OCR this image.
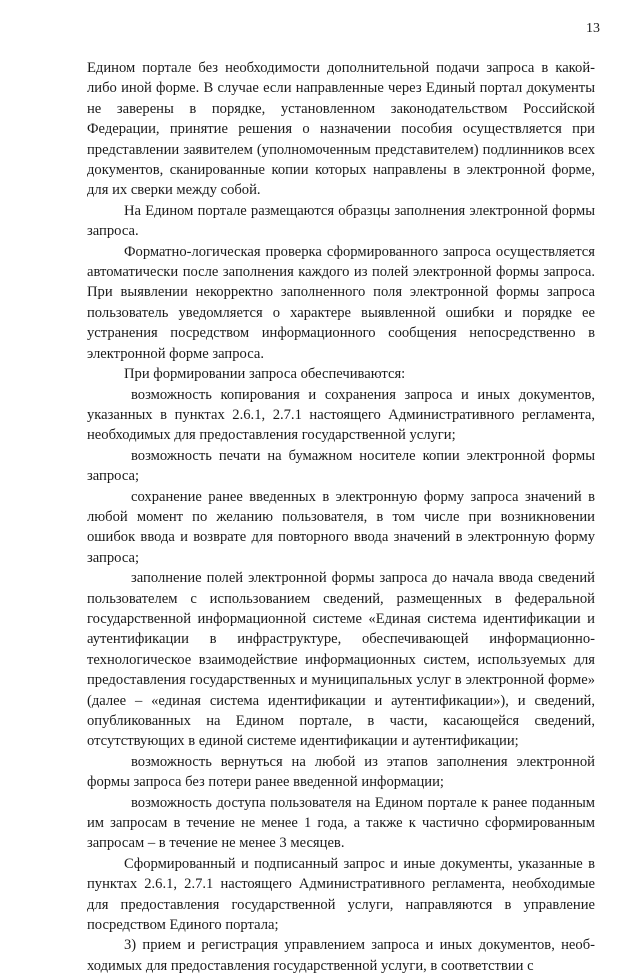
13

Едином портале без необходимости дополнительной подачи запроса в какой-либо иной форме. В случае если направленные через Единый портал документы не заверены в порядке, установленном законодательством Российской Федерации, принятие решения о назначении пособия осуществляется при представлении заявителем (уполномоченным представителем) подлинников всех документов, сканированные копии которых направлены в электронной форме, для их сверки между собой.

На Едином портале размещаются образцы заполнения электронной формы запроса.

Форматно-логическая проверка сформированного запроса осуществляется автоматически после заполнения каждого из полей электронной формы запроса. При выявлении некорректно заполненного поля электронной формы запроса пользователь уведомляется о характере выявленной ошибки и порядке ее устранения посредством информационного сообщения непосредственно в электронной форме запроса.

При формировании запроса обеспечиваются:

возможность копирования и сохранения запроса и иных документов, указанных в пунктах 2.6.1, 2.7.1 настоящего Административного регламента, необходимых для предоставления государственной услуги;

возможность печати на бумажном носителе копии электронной формы запроса;

сохранение ранее введенных в электронную форму запроса значений в любой момент по желанию пользователя, в том числе при возникновении ошибок ввода и возврате для повторного ввода значений в электронную форму запроса;

заполнение полей электронной формы запроса до начала ввода сведений пользователем с использованием сведений, размещенных в федеральной государственной информационной системе «Единая система идентификации и аутентификации в инфраструктуре, обеспечивающей информационно-технологическое взаимодействие информационных систем, используемых для предоставления государственных и муниципальных услуг в электронной форме» (далее – «единая система идентификации и аутентификации»), и сведений, опубликованных на Едином портале, в части, касающейся сведений, отсутствующих в единой системе идентификации и аутентификации;

возможность вернуться на любой из этапов заполнения электронной формы запроса без потери ранее введенной информации;

возможность доступа пользователя на Едином портале к ранее поданным им запросам в течение не менее 1 года, а также к частично сформированным запросам – в течение не менее 3 месяцев.

Сформированный и подписанный запрос и иные документы, указанные в пунктах 2.6.1, 2.7.1 настоящего Административного регламента, необходимые для предоставления государственной услуги, направляются в управление посредством Единого портала;

3) прием и регистрация управлением запроса и иных документов, необходимых для предоставления государственной услуги, в соответствии с
